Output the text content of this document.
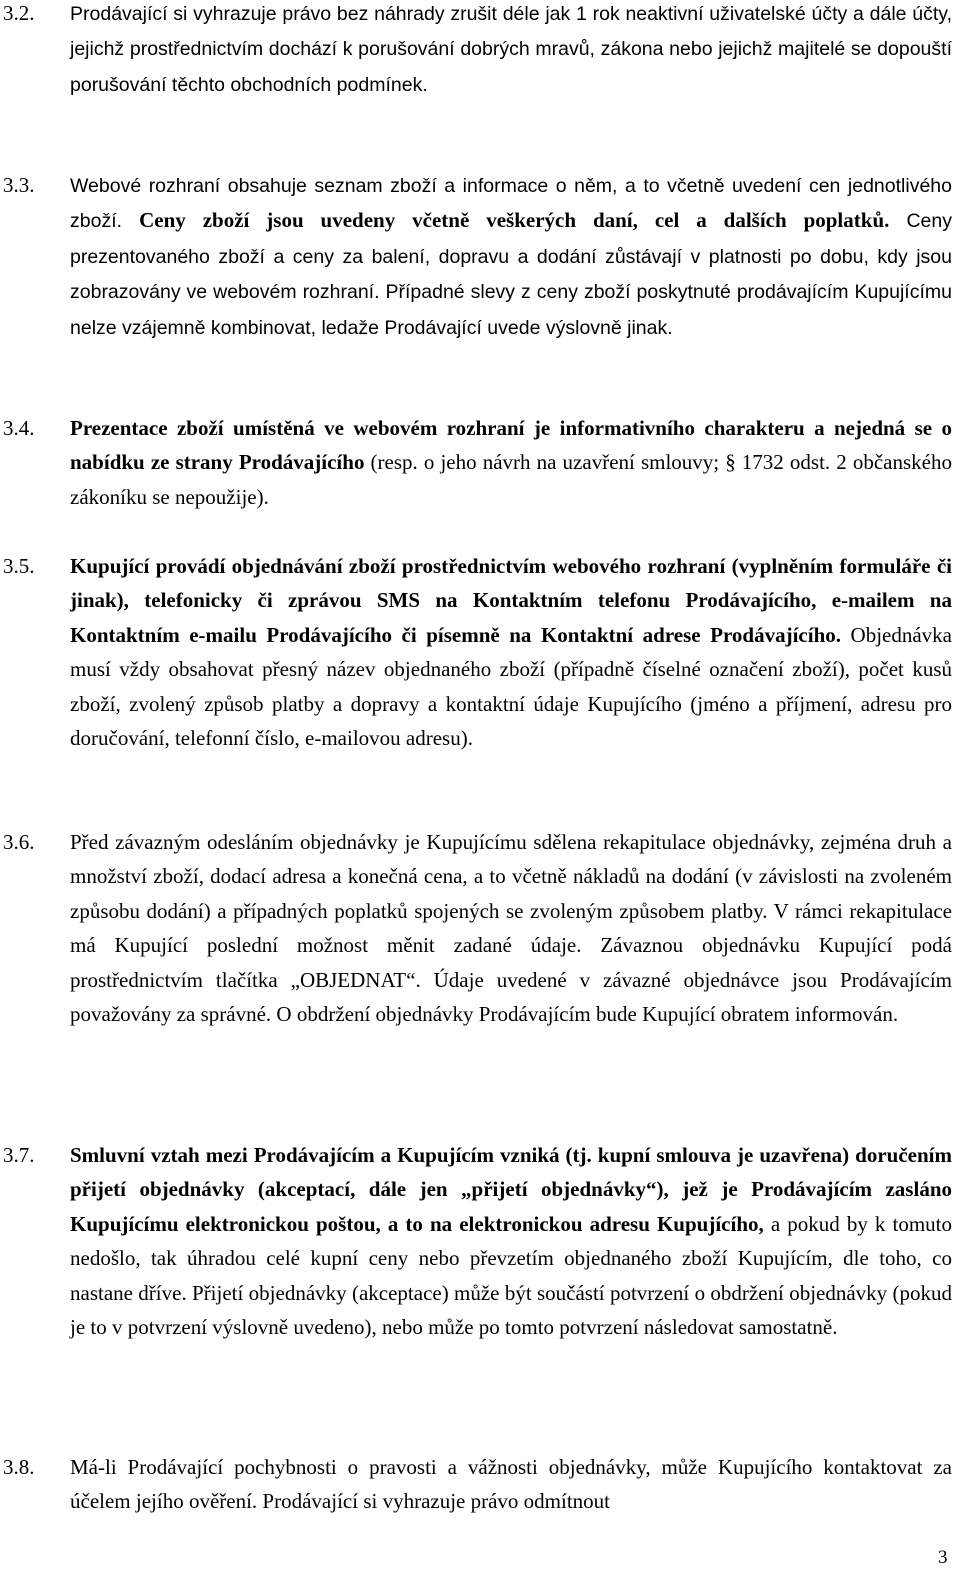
3.2. Prodávající si vyhrazuje právo bez náhrady zrušit déle jak 1 rok neaktivní uživatelské účty a dále účty, jejichž prostřednictvím dochází k porušování dobrých mravů, zákona nebo jejichž majitelé se dopouští porušování těchto obchodních podmínek.

3.3. Webové rozhraní obsahuje seznam zboží a informace o něm, a to včetně uvedení cen jednotlivého zboží. Ceny zboží jsou uvedeny včetně veškerých daní, cel a dalších poplatků. Ceny prezentovaného zboží a ceny za balení, dopravu a dodání zůstávají v platnosti po dobu, kdy jsou zobrazovány ve webovém rozhraní. Případné slevy z ceny zboží poskytnuté prodávajícím Kupujícímu nelze vzájemně kombinovat, ledaže Prodávající uvede výslovně jinak.

3.4. Prezentace zboží umístěná ve webovém rozhraní je informativního charakteru a nejedná se o nabídku ze strany Prodávajícího (resp. o jeho návrh na uzavření smlouvy; § 1732 odst. 2 občanského zákoníku se nepoužije).

3.5. Kupující provádí objednávání zboží prostřednictvím webového rozhraní (vyplněním formuláře či jinak), telefonicky či zprávou SMS na Kontaktním telefonu Prodávajícího, e-mailem na Kontaktním e-mailu Prodávajícího či písemně na Kontaktní adrese Prodávajícího. Objednávka musí vždy obsahovat přesný název objednaného zboží (případně číselné označení zboží), počet kusů zboží, zvolený způsob platby a dopravy a kontaktní údaje Kupujícího (jméno a příjmení, adresu pro doručování, telefonní číslo, e-mailovou adresu).

3.6. Před závazným odesláním objednávky je Kupujícímu sdělena rekapitulace objednávky, zejména druh a množství zboží, dodací adresa a konečná cena, a to včetně nákladů na dodání (v závislosti na zvoleném způsobu dodání) a případných poplatků spojených se zvoleným způsobem platby. V rámci rekapitulace má Kupující poslední možnost měnit zadané údaje. Závaznou objednávku Kupující podá prostřednictvím tlačítka „OBJEDNAT“. Údaje uvedené v závazné objednávce jsou Prodávajícím považovány za správné. O obdržení objednávky Prodávajícím bude Kupující obratem informován.

3.7. Smluvní vztah mezi Prodávajícím a Kupujícím vzniká (tj. kupní smlouva je uzavřena) doručením přijetí objednávky (akceptací, dále jen „přijetí objednávky“), jež je Prodávajícím zasláno Kupujícímu elektronickou poštou, a to na elektronickou adresu Kupujícího, a pokud by k tomuto nedošlo, tak úhradou celé kupní ceny nebo převzetím objednaného zboží Kupujícím, dle toho, co nastane dříve. Přijetí objednávky (akceptace) může být součástí potvrzení o obdržení objednávky (pokud je to v potvrzení výslovně uvedeno), nebo může po tomto potvrzení následovat samostatně.

3.8. Má-li Prodávající pochybnosti o pravosti a vážnosti objednávky, může Kupujícího kontaktovat za účelem jejího ověření. Prodávající si vyhrazuje právo odmítnout

3
